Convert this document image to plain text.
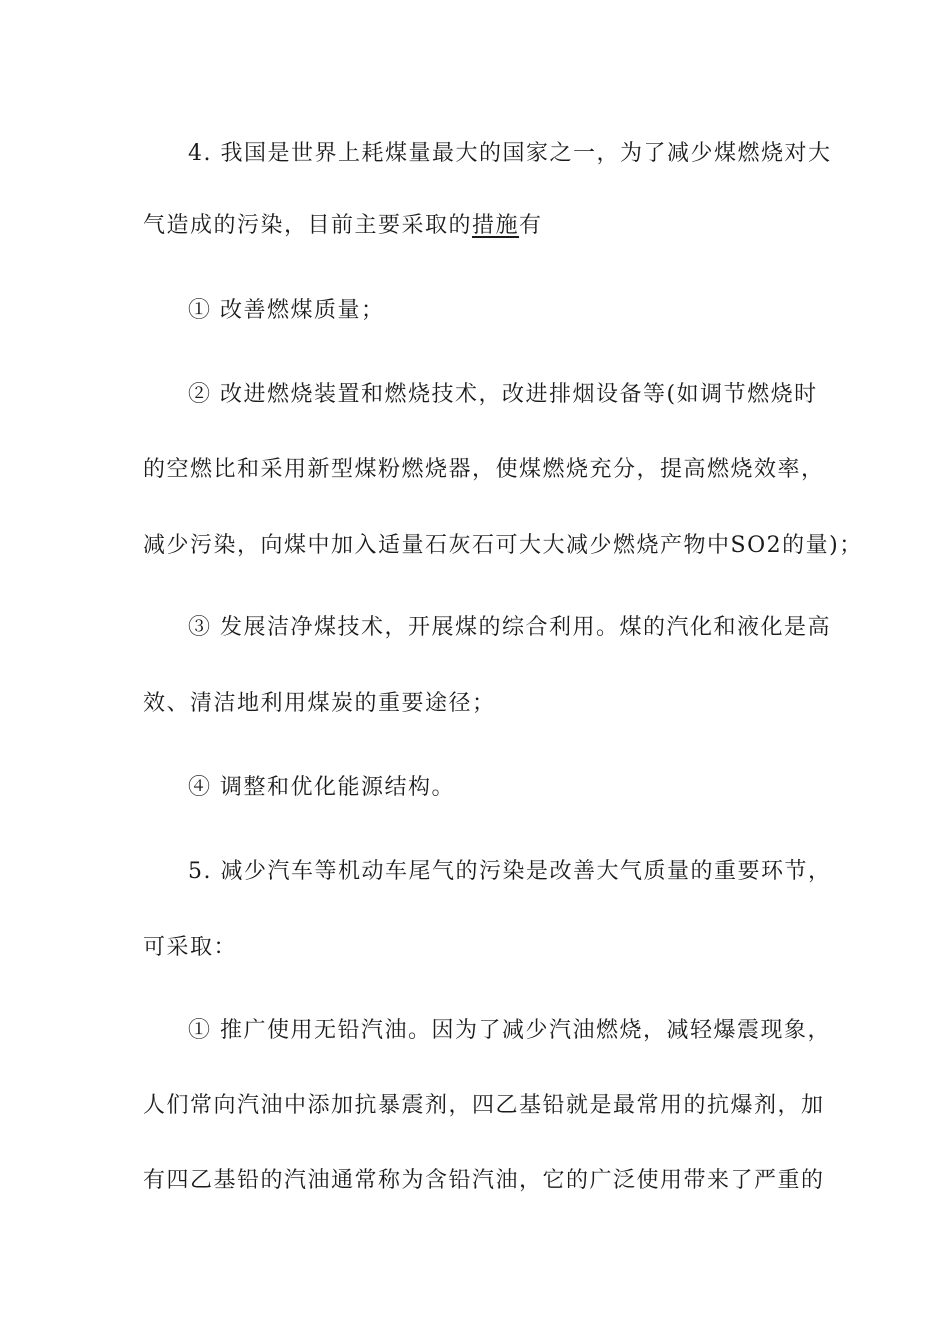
4. 我国是世界上耗煤量最大的国家之一，为了减少煤燃烧对大
气造成的污染，目前主要采取的措施有
① 改善燃煤质量；
② 改进燃烧装置和燃烧技术，改进排烟设备等(如调节燃烧时
的空燃比和采用新型煤粉燃烧器，使煤燃烧充分，提高燃烧效率，
减少污染，向煤中加入适量石灰石可大大减少燃烧产物中SO2的量)；
③ 发展洁净煤技术，开展煤的综合利用。煤的汽化和液化是高
效、清洁地利用煤炭的重要途径；
④ 调整和优化能源结构。
5. 减少汽车等机动车尾气的污染是改善大气质量的重要环节，
可采取：
① 推广使用无铅汽油。因为了减少汽油燃烧，减轻爆震现象，
人们常向汽油中添加抗暴震剂，四乙基铅就是最常用的抗爆剂，加
有四乙基铅的汽油通常称为含铅汽油，它的广泛使用带来了严重的
